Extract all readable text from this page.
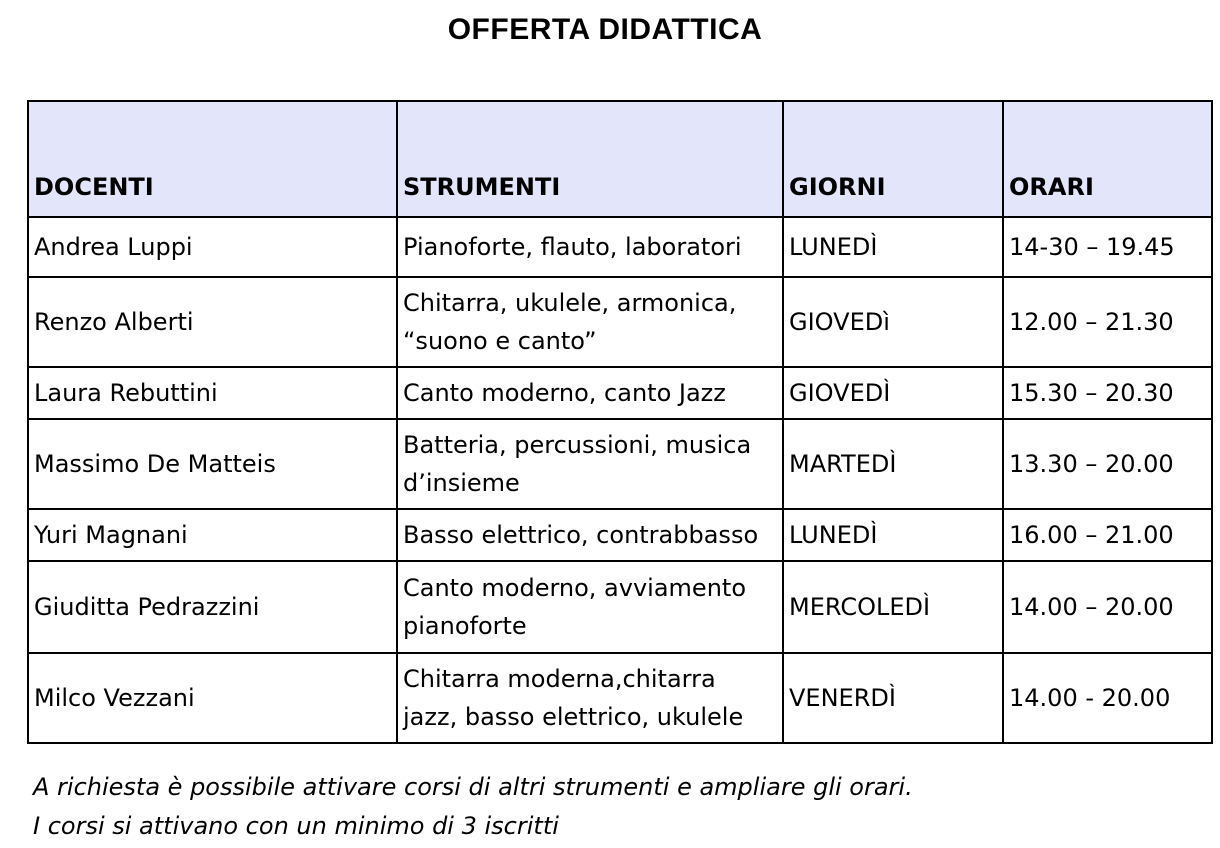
OFFERTA DIDATTICA
DOCENTI	STRUMENTI	GIORNI	ORARI
Andrea Luppi	Pianoforte, flauto, laboratori	LUNEDÌ	14-30 – 19.45
Renzo Alberti	Chitarra, ukulele, armonica, “suono e canto”	GIOVEDì	12.00 – 21.30
Laura Rebuttini	Canto moderno, canto Jazz	GIOVEDÌ	15.30 – 20.30
Massimo De Matteis	Batteria, percussioni, musica d’insieme	MARTEDÌ	13.30 – 20.00
Yuri Magnani	Basso elettrico, contrabbasso	LUNEDÌ	16.00 – 21.00
Giuditta Pedrazzini	Canto moderno, avviamento pianoforte	MERCOLEDÌ	14.00 – 20.00
Milco Vezzani	Chitarra moderna,chitarra jazz, basso elettrico, ukulele	VENERDÌ	14.00 - 20.00
A richiesta è possibile attivare corsi di altri strumenti e ampliare gli orari.
I corsi si attivano con un minimo di 3 iscritti
